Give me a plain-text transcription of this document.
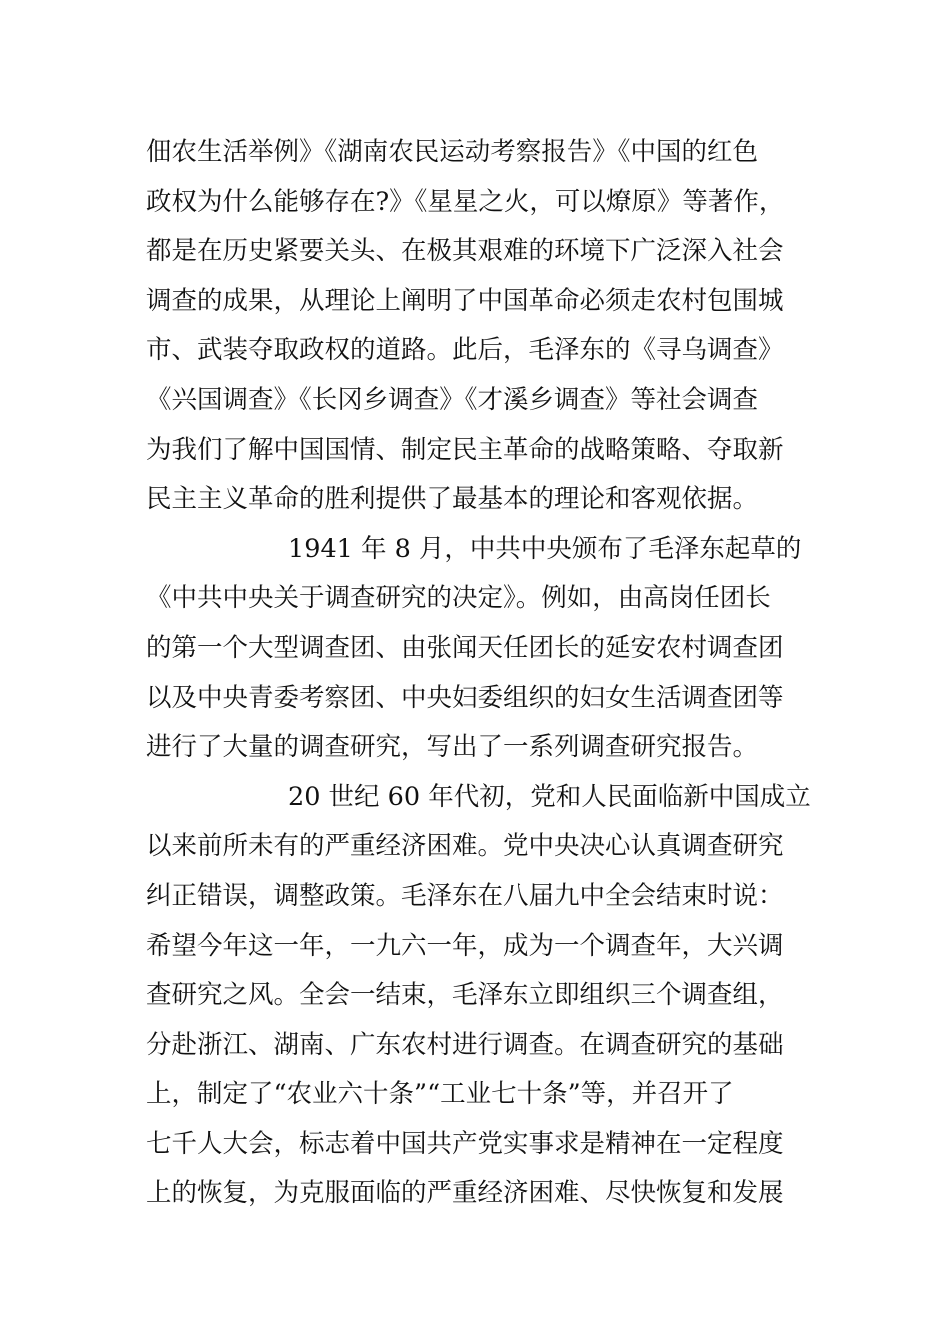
佃农生活举例》《湖南农民运动考察报告》《中国的红色
政权为什么能够存在?》《星星之火，可以燎原》等著作，
都是在历史紧要关头、在极其艰难的环境下广泛深入社会
调查的成果，从理论上阐明了中国革命必须走农村包围城
市、武装夺取政权的道路。此后，毛泽东的《寻乌调查》
《兴国调查》《长冈乡调查》《才溪乡调查》等社会调查
为我们了解中国国情、制定民主革命的战略策略、夺取新
民主主义革命的胜利提供了最基本的理论和客观依据。
1941 年 8 月，中共中央颁布了毛泽东起草的
《中共中央关于调查研究的决定》。例如，由高岗任团长
的第一个大型调查团、由张闻天任团长的延安农村调查团
以及中央青委考察团、中央妇委组织的妇女生活调查团等
进行了大量的调查研究，写出了一系列调查研究报告。
20 世纪 60 年代初，党和人民面临新中国成立
以来前所未有的严重经济困难。党中央决心认真调查研究
纠正错误，调整政策。毛泽东在八届九中全会结束时说：
希望今年这一年，一九六一年，成为一个调查年，大兴调
查研究之风。全会一结束，毛泽东立即组织三个调查组，
分赴浙江、湖南、广东农村进行调查。在调查研究的基础
上，制定了“农业六十条”“工业七十条”等，并召开了
七千人大会，标志着中国共产党实事求是精神在一定程度
上的恢复，为克服面临的严重经济困难、尽快恢复和发展
